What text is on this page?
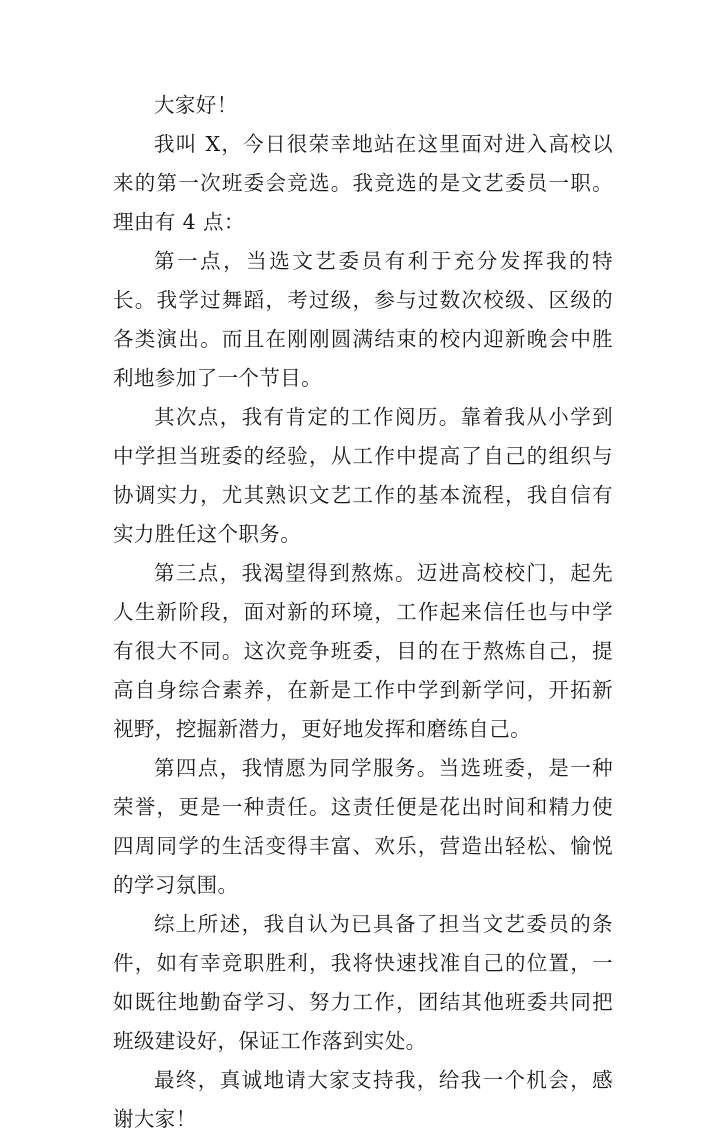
大家好！

我叫 X，今日很荣幸地站在这里面对进入高校以来的第一次班委会竞选。我竞选的是文艺委员一职。理由有 4 点：

第一点，当选文艺委员有利于充分发挥我的特长。我学过舞蹈，考过级，参与过数次校级、区级的各类演出。而且在刚刚圆满结束的校内迎新晚会中胜利地参加了一个节目。

其次点，我有肯定的工作阅历。靠着我从小学到中学担当班委的经验，从工作中提高了自己的组织与协调实力，尤其熟识文艺工作的基本流程，我自信有实力胜任这个职务。

第三点，我渴望得到熬炼。迈进高校校门，起先人生新阶段，面对新的环境，工作起来信任也与中学有很大不同。这次竞争班委，目的在于熬炼自己，提高自身综合素养，在新是工作中学到新学问，开拓新视野，挖掘新潜力，更好地发挥和磨练自己。

第四点，我情愿为同学服务。当选班委，是一种荣誉，更是一种责任。这责任便是花出时间和精力使四周同学的生活变得丰富、欢乐，营造出轻松、愉悦的学习氛围。

综上所述，我自认为已具备了担当文艺委员的条件，如有幸竞职胜利，我将快速找准自己的位置，一如既往地勤奋学习、努力工作，团结其他班委共同把班级建设好，保证工作落到实处。

最终，真诚地请大家支持我，给我一个机会，感谢大家！
